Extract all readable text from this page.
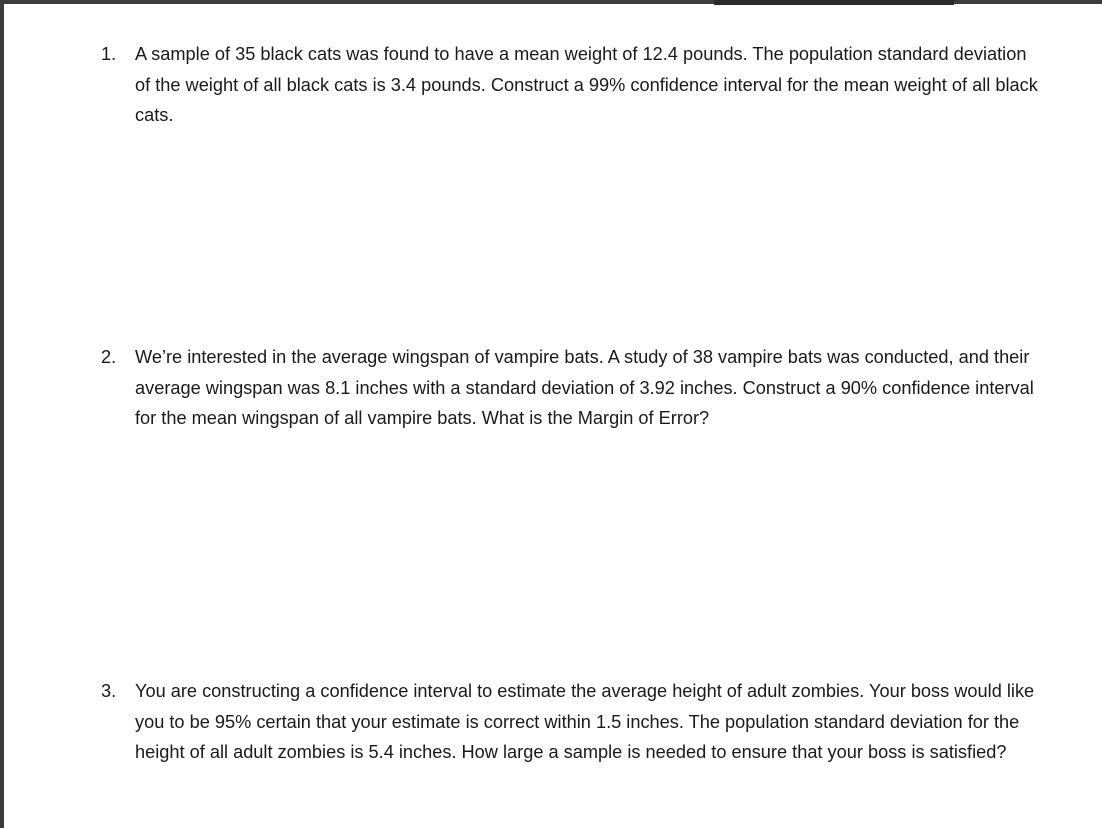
1.	A sample of 35 black cats was found to have a mean weight of 12.4 pounds. The population standard deviation of the weight of all black cats is 3.4 pounds. Construct a 99% confidence interval for the mean weight of all black cats.
2.	We’re interested in the average wingspan of vampire bats. A study of 38 vampire bats was conducted, and their average wingspan was 8.1 inches with a standard deviation of 3.92 inches. Construct a 90% confidence interval for the mean wingspan of all vampire bats. What is the Margin of Error?
3.	You are constructing a confidence interval to estimate the average height of adult zombies. Your boss would like you to be 95% certain that your estimate is correct within 1.5 inches. The population standard deviation for the height of all adult zombies is 5.4 inches. How large a sample is needed to ensure that your boss is satisfied?
